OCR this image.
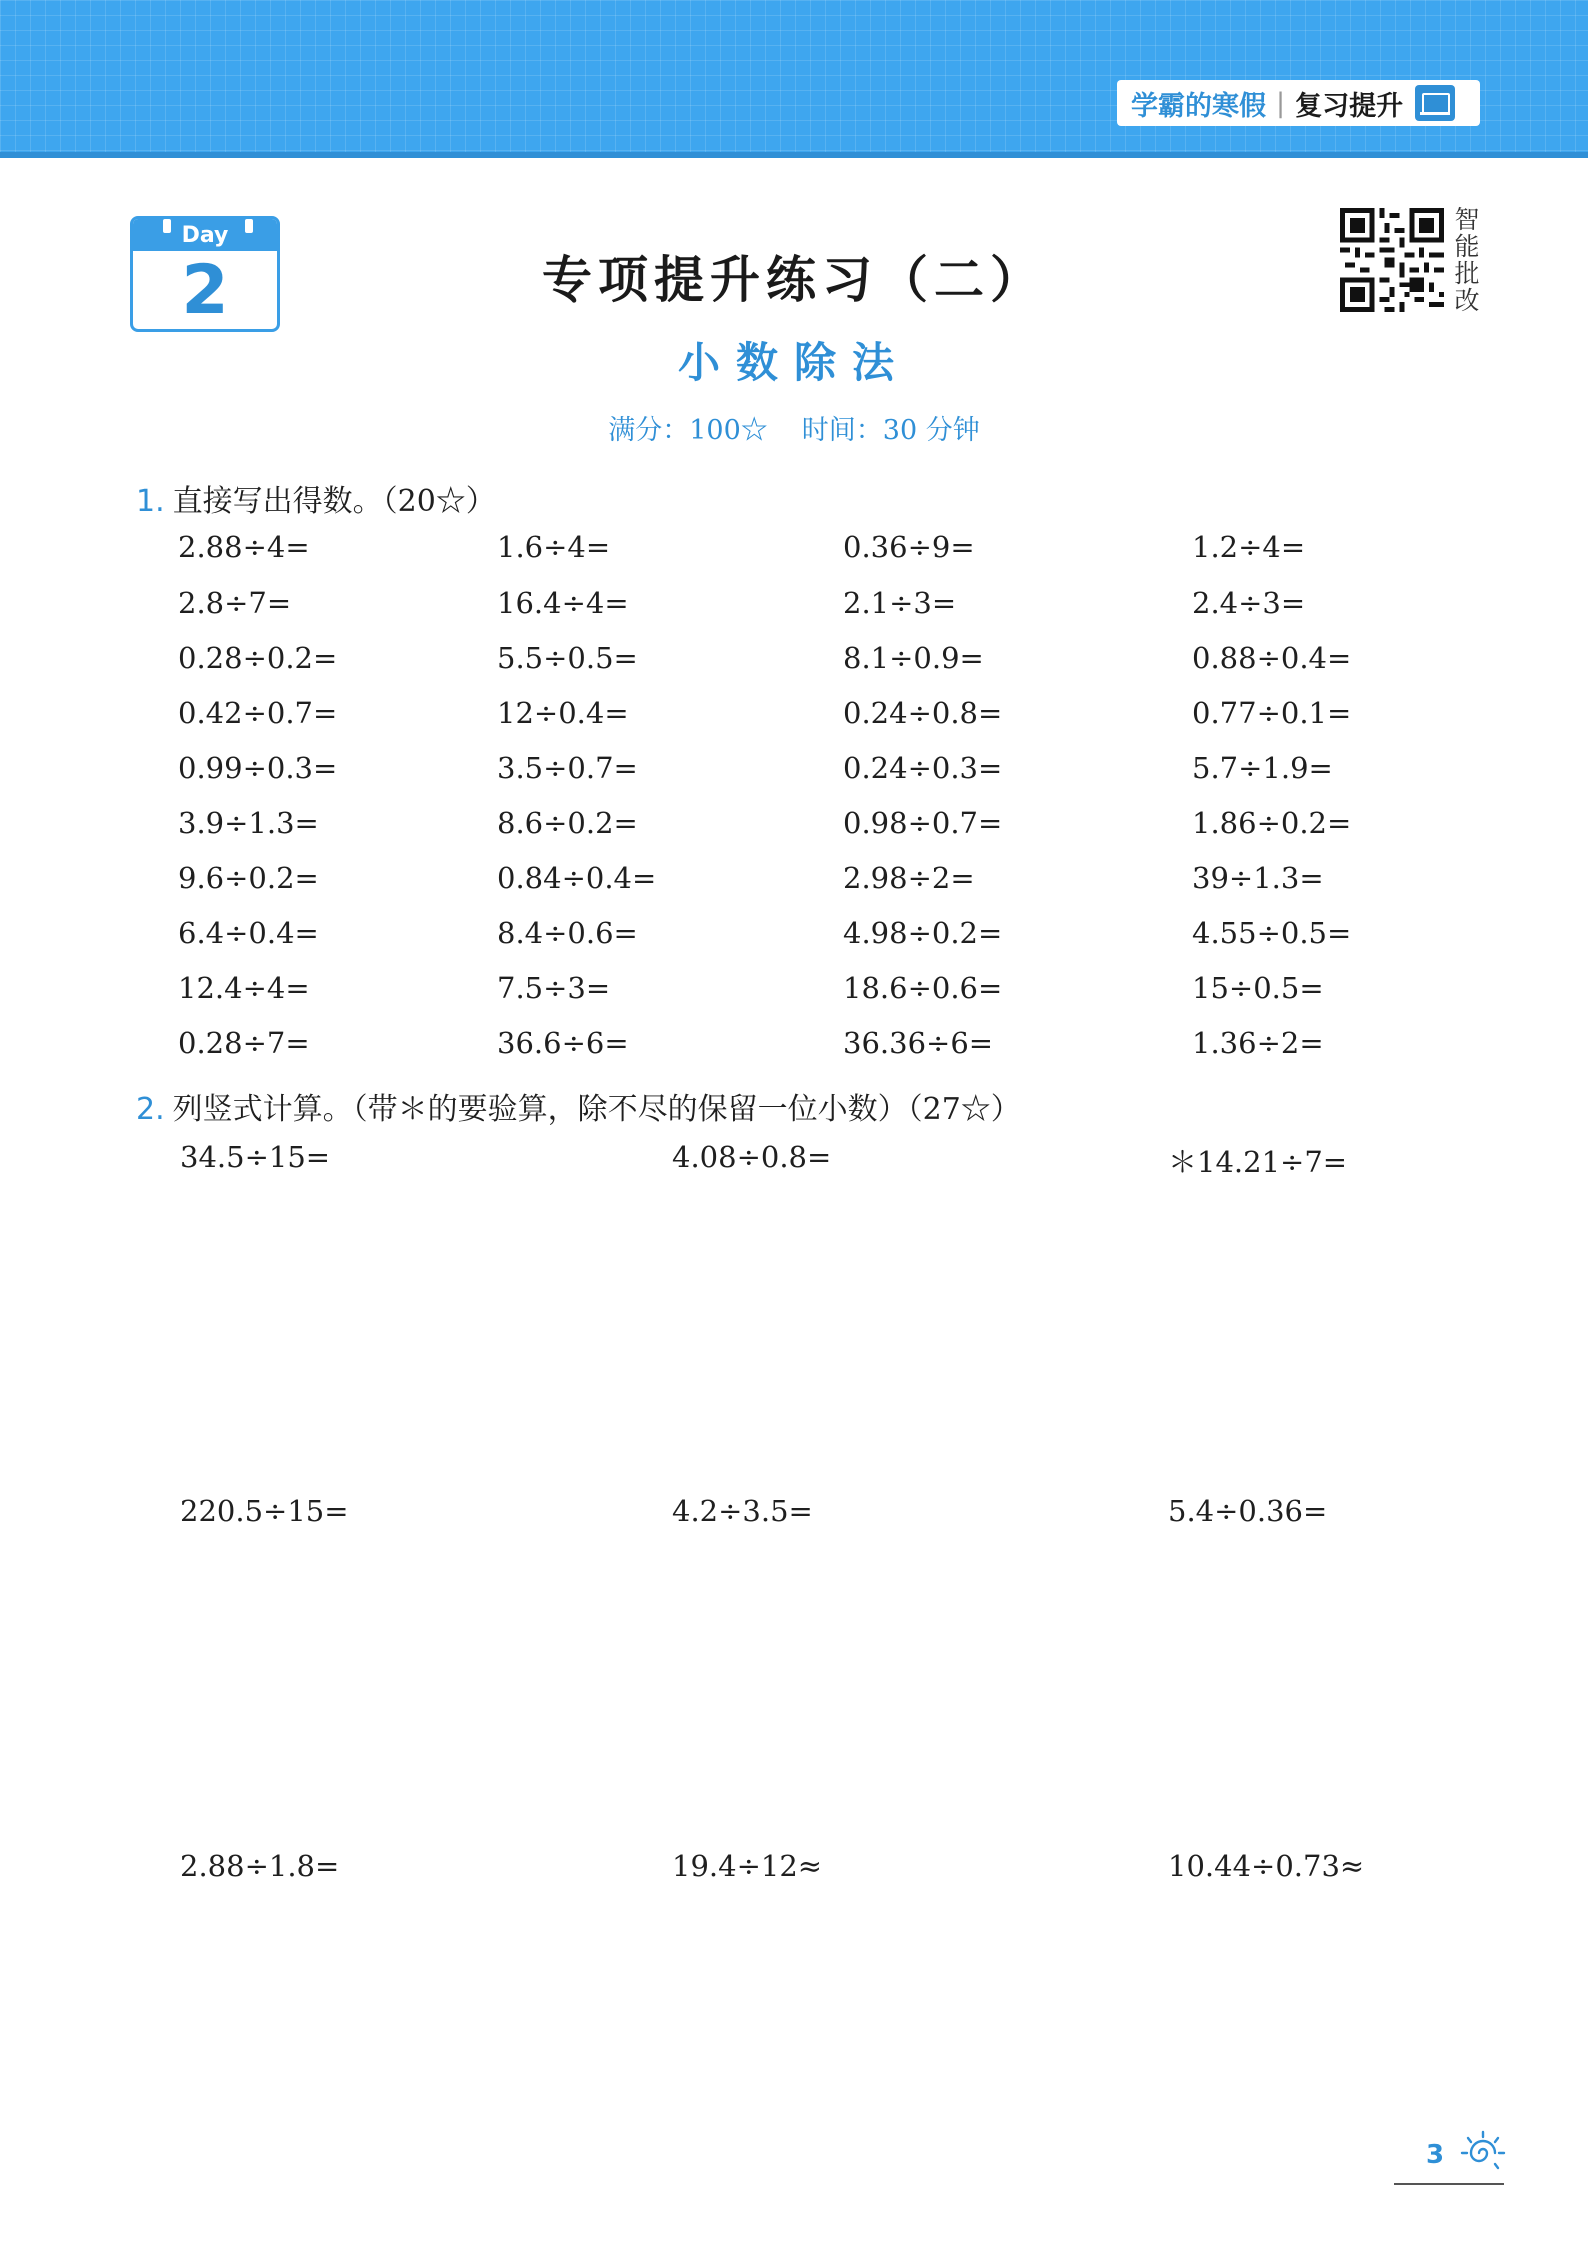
学霸的寒假 | 复习提升
Day
2	专项提升练习（二）
小数除法
满分：100☆ 时间：30 分钟
智
能
批
改
1. 直接写出得数。（20☆）
2.88÷4=	1.6÷4=	0.36÷9=	1.2÷4=
2.8÷7=	16.4÷4=	2.1÷3=	2.4÷3=
0.28÷0.2=	5.5÷0.5=	8.1÷0.9=	0.88÷0.4=
0.42÷0.7=	12÷0.4=	0.24÷0.8=	0.77÷0.1=
0.99÷0.3=	3.5÷0.7=	0.24÷0.3=	5.7÷1.9=
3.9÷1.3=	8.6÷0.2=	0.98÷0.7=	1.86÷0.2=
9.6÷0.2=	0.84÷0.4=	2.98÷2=	39÷1.3=
6.4÷0.4=	8.4÷0.6=	4.98÷0.2=	4.55÷0.5=
12.4÷4=	7.5÷3=	18.6÷0.6=	15÷0.5=
0.28÷7=	36.6÷6=	36.36÷6=	1.36÷2=
2. 列竖式计算。（带＊的要验算，除不尽的保留一位小数）（27☆）
34.5÷15=	4.08÷0.8=	＊14.21÷7=
220.5÷15=	4.2÷3.5=	5.4÷0.36=
2.88÷1.8=	19.4÷12≈	10.44÷0.73≈
3
